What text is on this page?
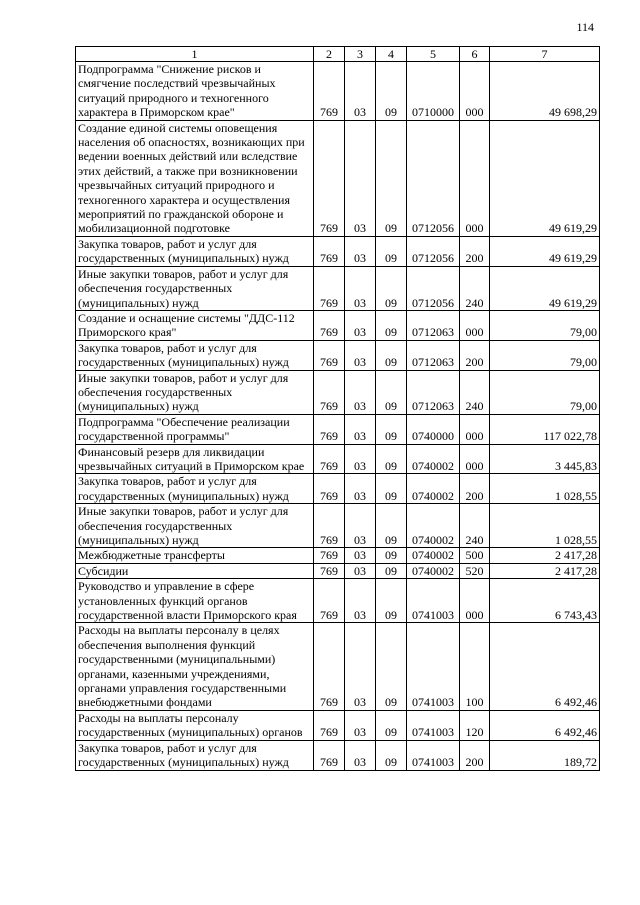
114
1	2	3	4	5	6	7
Подпрограмма "Снижение рисков и смягчение последствий чрезвычайных ситуаций природного и техногенного характера в Приморском крае"	769	03	09	0710000	000	49 698,29
Создание единой системы оповещения населения об опасностях, возникающих при ведении военных действий или вследствие этих действий, а также при возникновении чрезвычайных ситуаций природного и техногенного характера и осуществления мероприятий по гражданской обороне и мобилизационной подготовке	769	03	09	0712056	000	49 619,29
Закупка товаров, работ и услуг для государственных (муниципальных) нужд	769	03	09	0712056	200	49 619,29
Иные закупки товаров, работ и услуг для обеспечения государственных (муниципальных) нужд	769	03	09	0712056	240	49 619,29
Создание и оснащение системы "ДДС-112 Приморского края"	769	03	09	0712063	000	79,00
Закупка товаров, работ и услуг для государственных (муниципальных) нужд	769	03	09	0712063	200	79,00
Иные закупки товаров, работ и услуг для обеспечения государственных (муниципальных) нужд	769	03	09	0712063	240	79,00
Подпрограмма "Обеспечение реализации государственной программы"	769	03	09	0740000	000	117 022,78
Финансовый резерв для ликвидации чрезвычайных ситуаций в Приморском крае	769	03	09	0740002	000	3 445,83
Закупка товаров, работ и услуг для государственных (муниципальных) нужд	769	03	09	0740002	200	1 028,55
Иные закупки товаров, работ и услуг для обеспечения государственных (муниципальных) нужд	769	03	09	0740002	240	1 028,55
Межбюджетные трансферты	769	03	09	0740002	500	2 417,28
Субсидии	769	03	09	0740002	520	2 417,28
Руководство и управление в сфере установленных функций органов государственной власти Приморского края	769	03	09	0741003	000	6 743,43
Расходы на выплаты персоналу в целях обеспечения выполнения функций государственными (муниципальными) органами, казенными учреждениями, органами управления государственными внебюджетными фондами	769	03	09	0741003	100	6 492,46
Расходы на выплаты персоналу государственных (муниципальных) органов	769	03	09	0741003	120	6 492,46
Закупка товаров, работ и услуг для государственных (муниципальных) нужд	769	03	09	0741003	200	189,72
